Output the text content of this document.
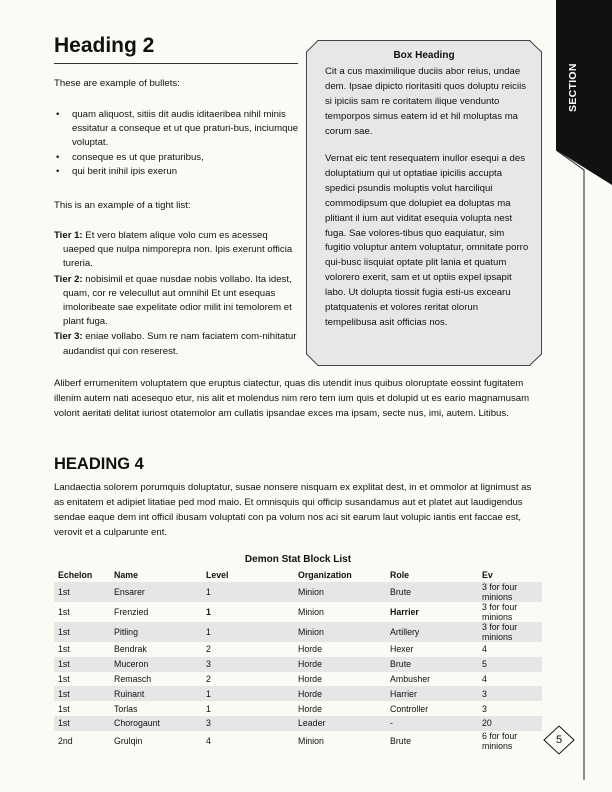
Heading 2
These are example of bullets:
• quam aliquost, sitiis dit audis iditaeribea nihil minis essitatur a conseque et ut que praturi-bus, inciumque voluptat.
• conseque es ut que praturibus,
• qui berit inihil ipis exerun
This is an example of a tight list:
Tier 1: Et vero blatem alique volo cum es acesseq uaeped que nulpa nimporepra non. Ipis exerunt officia tureria.
Tier 2: nobisimil et quae nusdae nobis vollabo. Ita idest, quam, cor re velecullut aut omnihil Et unt esequas imoloribeate sae expelitate odior milit ini temolorem et plant fuga.
Tier 3: eniae vollabo. Sum re nam faciatem com-nihitatur audandist qui con reserest.
Box Heading
Cit a cus maximilique duciis abor reius, undae dem. Ipsae dipicto rioritasiti quos doluptu reiciis si ipiciis sam re coritatem ilique vendunto temporpos simus eatem id et hil moluptas ma corum sae.
Vernat eic tent resequatem inullor esequi a des doluptatium qui ut optatiae ipicilis accupta spedici psundis moluptis volut harciliqui commodipsum que dolupiet ea doluptas ma plitiant il ium aut viditat esequia volupta nest fuga. Sae volores-tibus quo eaquiatur, sim fugitio voluptur antem voluptatur, omnitate porro qui-busc iisquiat optate plit lania et quatum volorero exerit, sam et ut optiis expel ipsapit labo. Ut dolupta tiossit fugia esti-us excearu ptatquatenis et volores reritat olorun tempelibusa asit officias nos.
Aliberf errumenitem voluptatem que eruptus ciatectur, quas dis utendit inus quibus oloruptate eossint fugitatem illenim autem nati acesequo etur, nis alit et molendus nim rero tem ium quis et dolupid ut es eario magnamusam volorit aeritati delitat iuriost otatemolor am cullatis ipsandae exces ma ipsam, secte nus, imi, autem. Litibus.
HEADING 4
Landaectia solorem porumquis doluptatur, susae nonsere nisquam ex explitat dest, in et ommolor at lignimust as as enitatem et adipiet litatiae ped mod maio. Et omnisquis qui officip susandamus aut et platet aut laudigendus sendae eaque dem int officil ibusam voluptati con pa volum nos aci sit earum laut volupic iantis ent faccae est, verovit et a culparunte ent.
Demon Stat Block List
Echelon	Name	Level	Organization	Role	Ev
1st	Ensarer	1	Minion	Brute	3 for four minions
1st	Frenzied	1	Minion	Harrier	3 for four minions
1st	Pitling	1	Minion	Artillery	3 for four minions
1st	Bendrak	2	Horde	Hexer	4
1st	Muceron	3	Horde	Brute	5
1st	Remasch	2	Horde	Ambusher	4
1st	Ruinant	1	Horde	Harrier	3
1st	Torlas	1	Horde	Controller	3
1st	Chorogaunt	3	Leader	-	20
2nd	Grulqin	4	Minion	Brute	6 for four minions
SECTION
5
